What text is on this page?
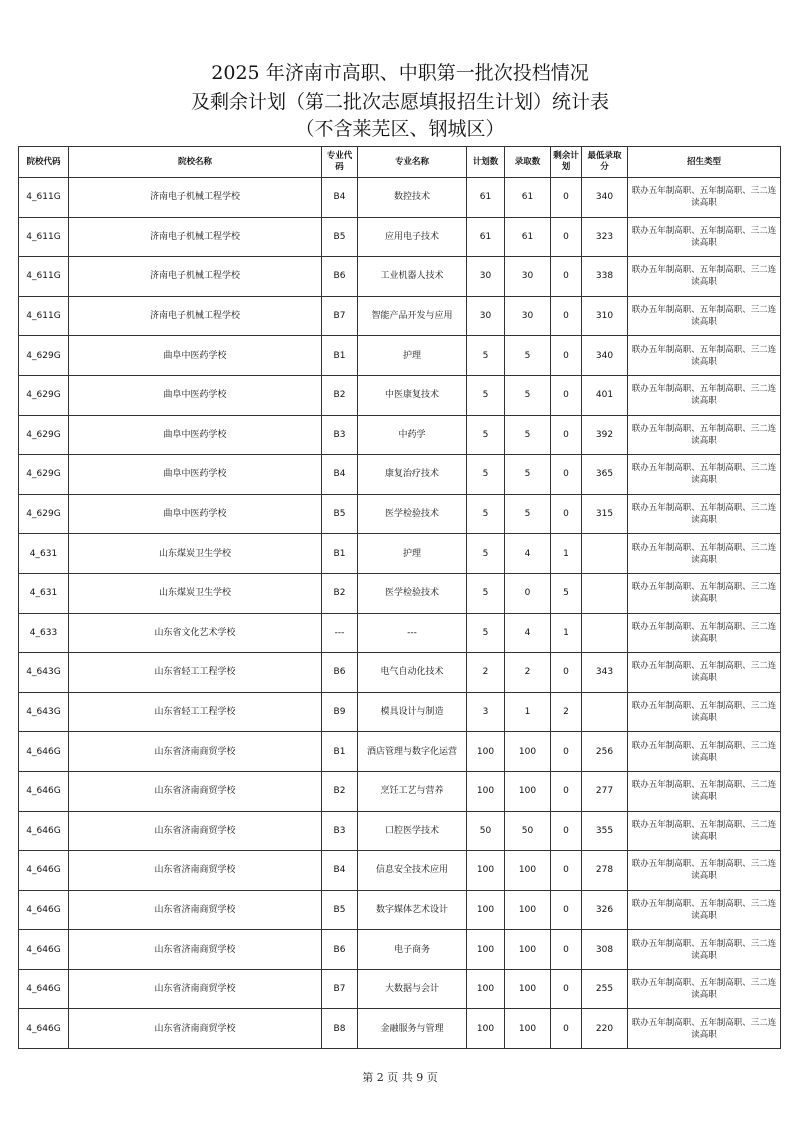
2025 年济南市高职、中职第一批次投档情况
及剩余计划（第二批次志愿填报招生计划）统计表
（不含莱芜区、钢城区）
院校代码	院校名称	专业代码	专业名称	计划数	录取数	剩余计划	最低录取分	招生类型
4_611G	济南电子机械工程学校	B4	数控技术	61	61	0	340	联办五年制高职、五年制高职、三二连读高职
4_611G	济南电子机械工程学校	B5	应用电子技术	61	61	0	323	联办五年制高职、五年制高职、三二连读高职
4_611G	济南电子机械工程学校	B6	工业机器人技术	30	30	0	338	联办五年制高职、五年制高职、三二连读高职
4_611G	济南电子机械工程学校	B7	智能产品开发与应用	30	30	0	310	联办五年制高职、五年制高职、三二连读高职
4_629G	曲阜中医药学校	B1	护理	5	5	0	340	联办五年制高职、五年制高职、三二连读高职
4_629G	曲阜中医药学校	B2	中医康复技术	5	5	0	401	联办五年制高职、五年制高职、三二连读高职
4_629G	曲阜中医药学校	B3	中药学	5	5	0	392	联办五年制高职、五年制高职、三二连读高职
4_629G	曲阜中医药学校	B4	康复治疗技术	5	5	0	365	联办五年制高职、五年制高职、三二连读高职
4_629G	曲阜中医药学校	B5	医学检验技术	5	5	0	315	联办五年制高职、五年制高职、三二连读高职
4_631	山东煤炭卫生学校	B1	护理	5	4	1		联办五年制高职、五年制高职、三二连读高职
4_631	山东煤炭卫生学校	B2	医学检验技术	5	0	5		联办五年制高职、五年制高职、三二连读高职
4_633	山东省文化艺术学校	---	---	5	4	1		联办五年制高职、五年制高职、三二连读高职
4_643G	山东省轻工工程学校	B6	电气自动化技术	2	2	0	343	联办五年制高职、五年制高职、三二连读高职
4_643G	山东省轻工工程学校	B9	模具设计与制造	3	1	2		联办五年制高职、五年制高职、三二连读高职
4_646G	山东省济南商贸学校	B1	酒店管理与数字化运营	100	100	0	256	联办五年制高职、五年制高职、三二连读高职
4_646G	山东省济南商贸学校	B2	烹饪工艺与营养	100	100	0	277	联办五年制高职、五年制高职、三二连读高职
4_646G	山东省济南商贸学校	B3	口腔医学技术	50	50	0	355	联办五年制高职、五年制高职、三二连读高职
4_646G	山东省济南商贸学校	B4	信息安全技术应用	100	100	0	278	联办五年制高职、五年制高职、三二连读高职
4_646G	山东省济南商贸学校	B5	数字媒体艺术设计	100	100	0	326	联办五年制高职、五年制高职、三二连读高职
4_646G	山东省济南商贸学校	B6	电子商务	100	100	0	308	联办五年制高职、五年制高职、三二连读高职
4_646G	山东省济南商贸学校	B7	大数据与会计	100	100	0	255	联办五年制高职、五年制高职、三二连读高职
4_646G	山东省济南商贸学校	B8	金融服务与管理	100	100	0	220	联办五年制高职、五年制高职、三二连读高职
第 2 页 共 9 页
